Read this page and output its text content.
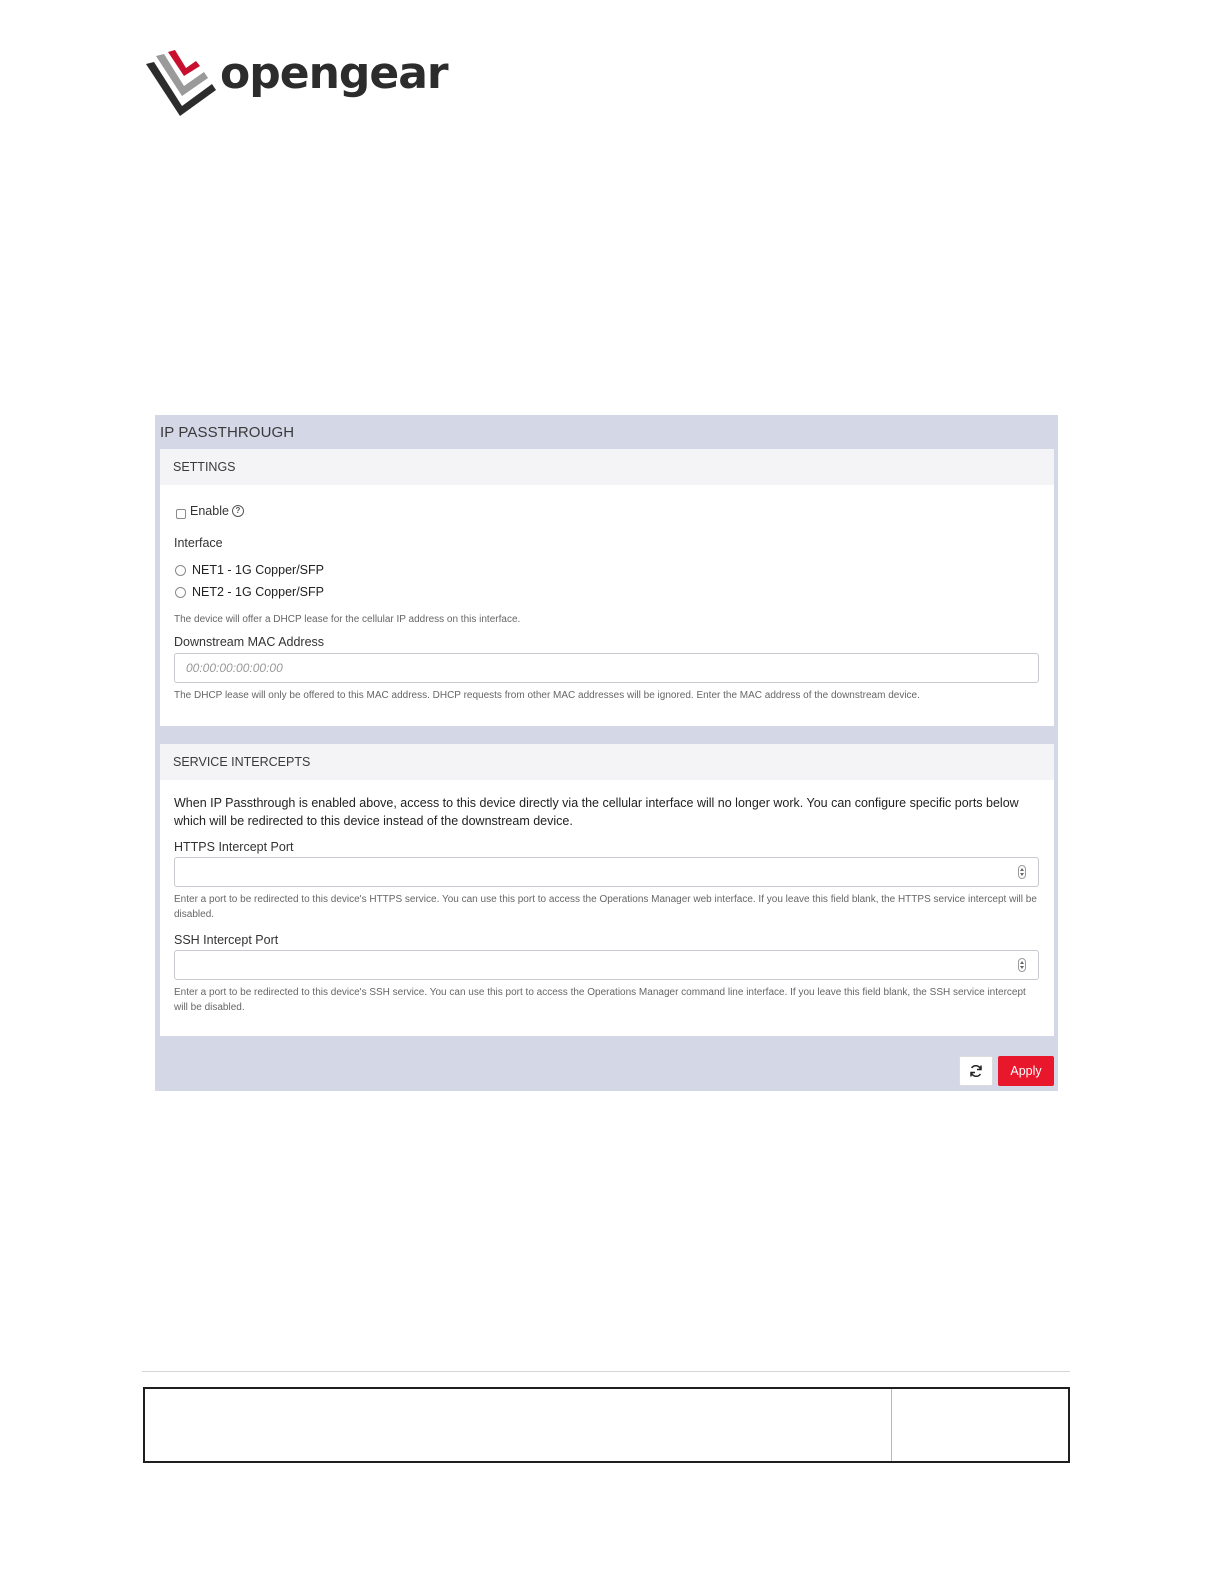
opengear
IP PASSTHROUGH
SETTINGS
Enable ?
Interface
NET1 - 1G Copper/SFP
NET2 - 1G Copper/SFP
The device will offer a DHCP lease for the cellular IP address on this interface.
Downstream MAC Address
00:00:00:00:00:00
The DHCP lease will only be offered to this MAC address. DHCP requests from other MAC addresses will be ignored. Enter the MAC address of the downstream device.
SERVICE INTERCEPTS
When IP Passthrough is enabled above, access to this device directly via the cellular interface will no longer work. You can configure specific ports below which will be redirected to this device instead of the downstream device.
HTTPS Intercept Port
Enter a port to be redirected to this device's HTTPS service. You can use this port to access the Operations Manager web interface. If you leave this field blank, the HTTPS service intercept will be disabled.
SSH Intercept Port
Enter a port to be redirected to this device's SSH service. You can use this port to access the Operations Manager command line interface. If you leave this field blank, the SSH service intercept will be disabled.
Apply
